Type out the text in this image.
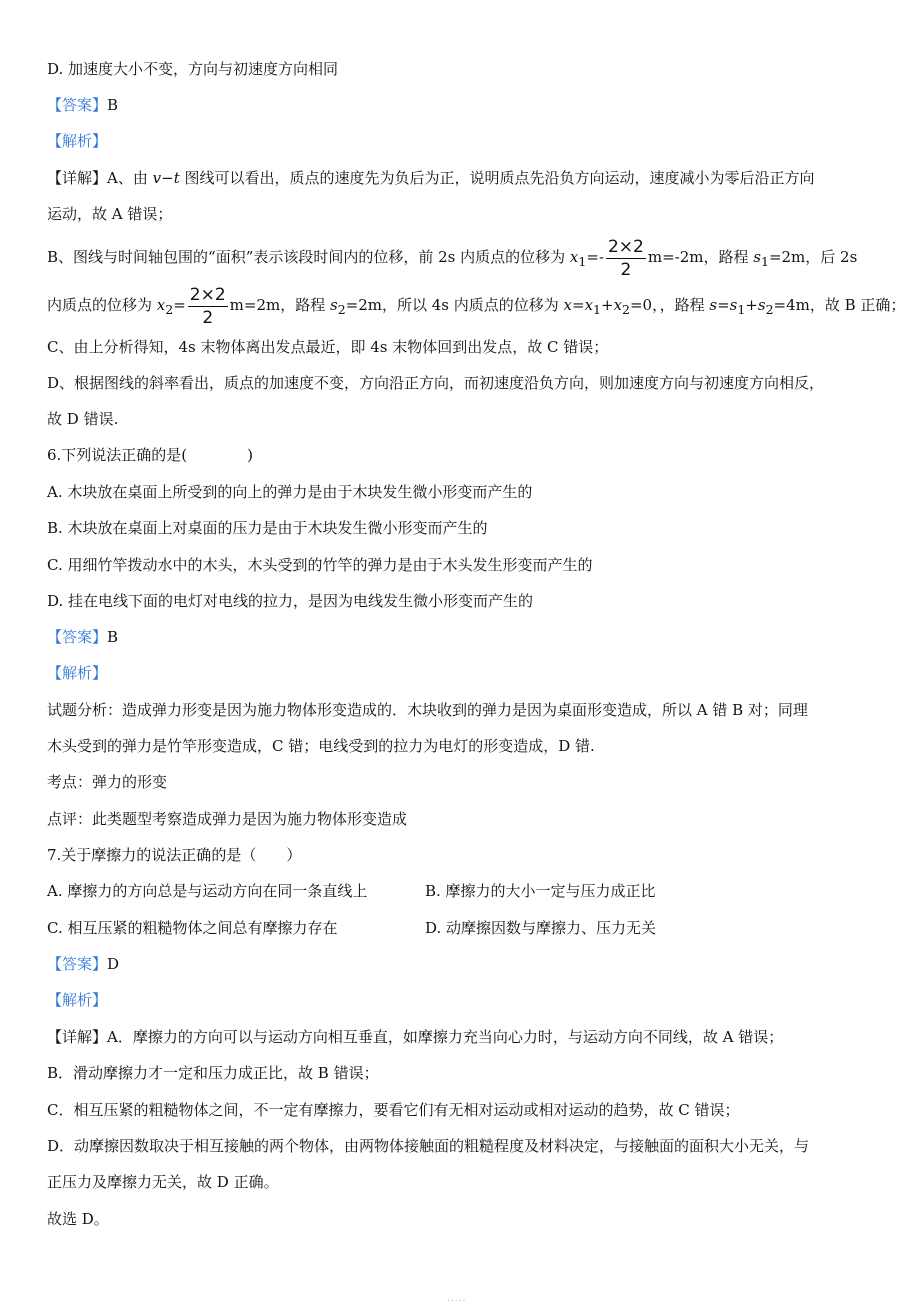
D. 加速度大小不变，方向与初速度方向相同
【答案】B
【解析】
【详解】A、由 v−t 图线可以看出，质点的速度先为负后为正，说明质点先沿负方向运动，速度减小为零后沿正方向
运动，故 A 错误；
B、图线与时间轴包围的“面积”表示该段时间内的位移，前 2s 内质点的位移为 $x_1=- \frac{2\times 2}{2} m=-2m$，路程 $s_1=2m$，后 2s
内质点的位移为 $x_2= \frac{2\times 2}{2} m=2m$，路程 $s_2=2m$，所以 4s 内质点的位移为 $x=x_1+x_2=0$，，路程 $s=s_1+s_2=4m$，故 B 正确；
C、由上分析得知，4s 末物体离出发点最近，即 4s 末物体回到出发点，故 C 错误；
D、根据图线的斜率看出，质点的加速度不变，方向沿正方向，而初速度沿负方向，则加速度方向与初速度方向相反，
故 D 错误.
6.下列说法正确的是(　　　　)
A. 木块放在桌面上所受到的向上的弹力是由于木块发生微小形变而产生的
B. 木块放在桌面上对桌面的压力是由于木块发生微小形变而产生的
C. 用细竹竿拨动水中的木头，木头受到的竹竿的弹力是由于木头发生形变而产生的
D. 挂在电线下面的电灯对电线的拉力，是因为电线发生微小形变而产生的
【答案】B
【解析】
试题分析：造成弹力形变是因为施力物体形变造成的．木块收到的弹力是因为桌面形变造成，所以 A 错 B 对；同理
木头受到的弹力是竹竿形变造成，C 错；电线受到的拉力为电灯的形变造成，D 错.
考点：弹力的形变
点评：此类题型考察造成弹力是因为施力物体形变造成
7.关于摩擦力的说法正确的是（　　）
A. 摩擦力的方向总是与运动方向在同一条直线上	B. 摩擦力的大小一定与压力成正比
C. 相互压紧的粗糙物体之间总有摩擦力存在	D. 动摩擦因数与摩擦力、压力无关
【答案】D
【解析】
【详解】A．摩擦力的方向可以与运动方向相互垂直，如摩擦力充当向心力时，与运动方向不同线，故 A 错误；
B．滑动摩擦力才一定和压力成正比，故 B 错误；
C．相互压紧的粗糙物体之间，不一定有摩擦力，要看它们有无相对运动或相对运动的趋势，故 C 错误；
D．动摩擦因数取决于相互接触的两个物体，由两物体接触面的粗糙程度及材料决定，与接触面的面积大小无关，与
正压力及摩擦力无关，故 D 正确。
故选 D。
.....
